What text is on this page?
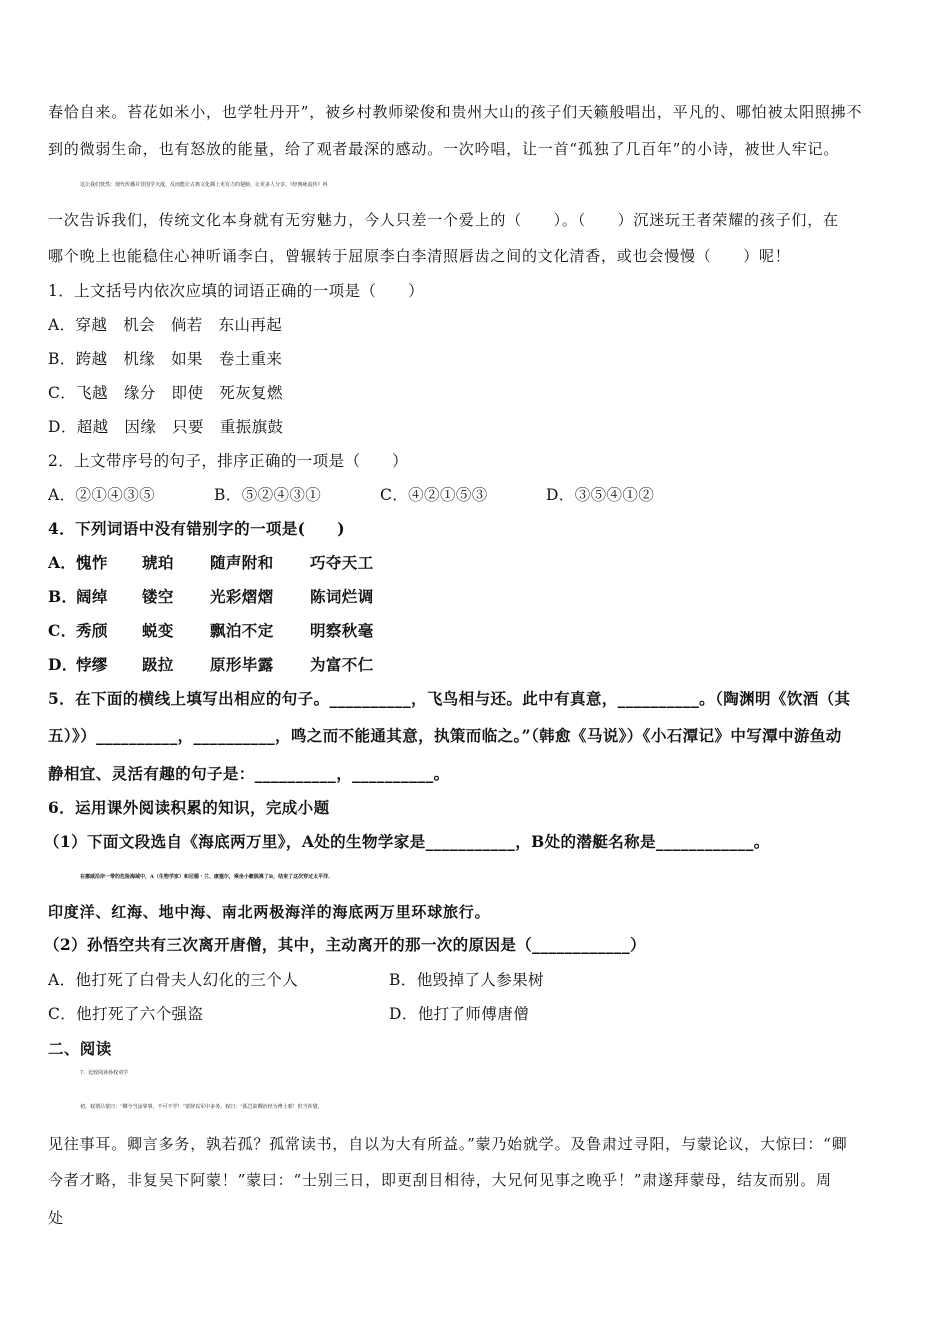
春恰自来。苔花如米小，也学牡丹开”，被乡村教师梁俊和贵州大山的孩子们天籁般唱出，平凡的、哪怕被太阳照拂不
到的微弱生命，也有怒放的能量，给了观者最深的感动。一次吟唱，让一首“孤独了几百年”的小诗，被世人牢记。
这让我们恍然：现代传播并非国学天敌，反而能让古典文化插上更有力的翅膀，让更多人分享。《经典咏流传》再
一次告诉我们，传统文化本身就有无穷魅力，今人只差一个爱上的（　　）。（　　）沉迷玩王者荣耀的孩子们，在
哪个晚上也能稳住心神听诵李白，曾辗转于屈原李白李清照唇齿之间的文化清香，或也会慢慢（　　）呢！
1．上文括号内依次应填的词语正确的一项是（　　）
A．穿越　机会　倘若　东山再起
B．跨越　机缘　如果　卷土重来
C．飞越　缘分　即使　死灰复燃
D．超越　因缘　只要　重振旗鼓
2．上文带序号的句子，排序正确的一项是（　　）
A．②①④③⑤	B．⑤②④③①	C．④②①⑤③	D．③⑤④①②
4．下列词语中没有错别字的一项是(　　)
A．愧怍 琥珀 随声附和 巧夺天工
B．阔绰 镂空 光彩熠熠 陈词烂调
C．秀颀 蜕变 飘泊不定 明察秋毫
D．悖缪 趿拉 原形毕露 为富不仁
5．在下面的横线上填写出相应的句子。__________，飞鸟相与还。此中有真意，__________。（陶渊明《饮酒（其
五）》）__________，__________，鸣之而不能通其意，执策而临之。”（韩愈《马说》）《小石潭记》中写潭中游鱼动
静相宜、灵活有趣的句子是：__________，__________。
6．运用课外阅读积累的知识，完成小题
（1）下面文段选自《海底两万里》，A处的生物学家是___________，B处的潜艇名称是____________。
在挪威沿岸一带的危险海域中，A（生物学家）和尼德・兰、康塞尔，乘坐小艇脱离了B，结束了这次穿过太平洋、
印度洋、红海、地中海、南北两极海洋的海底两万里环球旅行。
（2）孙悟空共有三次离开唐僧，其中，主动离开的那一次的原因是（____________）
A．他打死了白骨夫人幻化的三个人	B．他毁掉了人参果树
C．他打死了六个强盗	D．他打了师傅唐僧
二、阅读
7．比较阅读孙权劝学
初，权谓吕蒙曰：“卿今当涂掌事，不可不学！”蒙辞以军中多务。权曰：“孤岂欲卿治经为博士邪！但当涉猎，
见往事耳。卿言多务，孰若孤？孤常读书，自以为大有所益。”蒙乃始就学。及鲁肃过寻阳，与蒙论议，大惊曰：“卿
今者才略，非复吴下阿蒙！”蒙曰：“士别三日，即更刮目相待，大兄何见事之晚乎！”肃遂拜蒙母，结友而别。周
处
